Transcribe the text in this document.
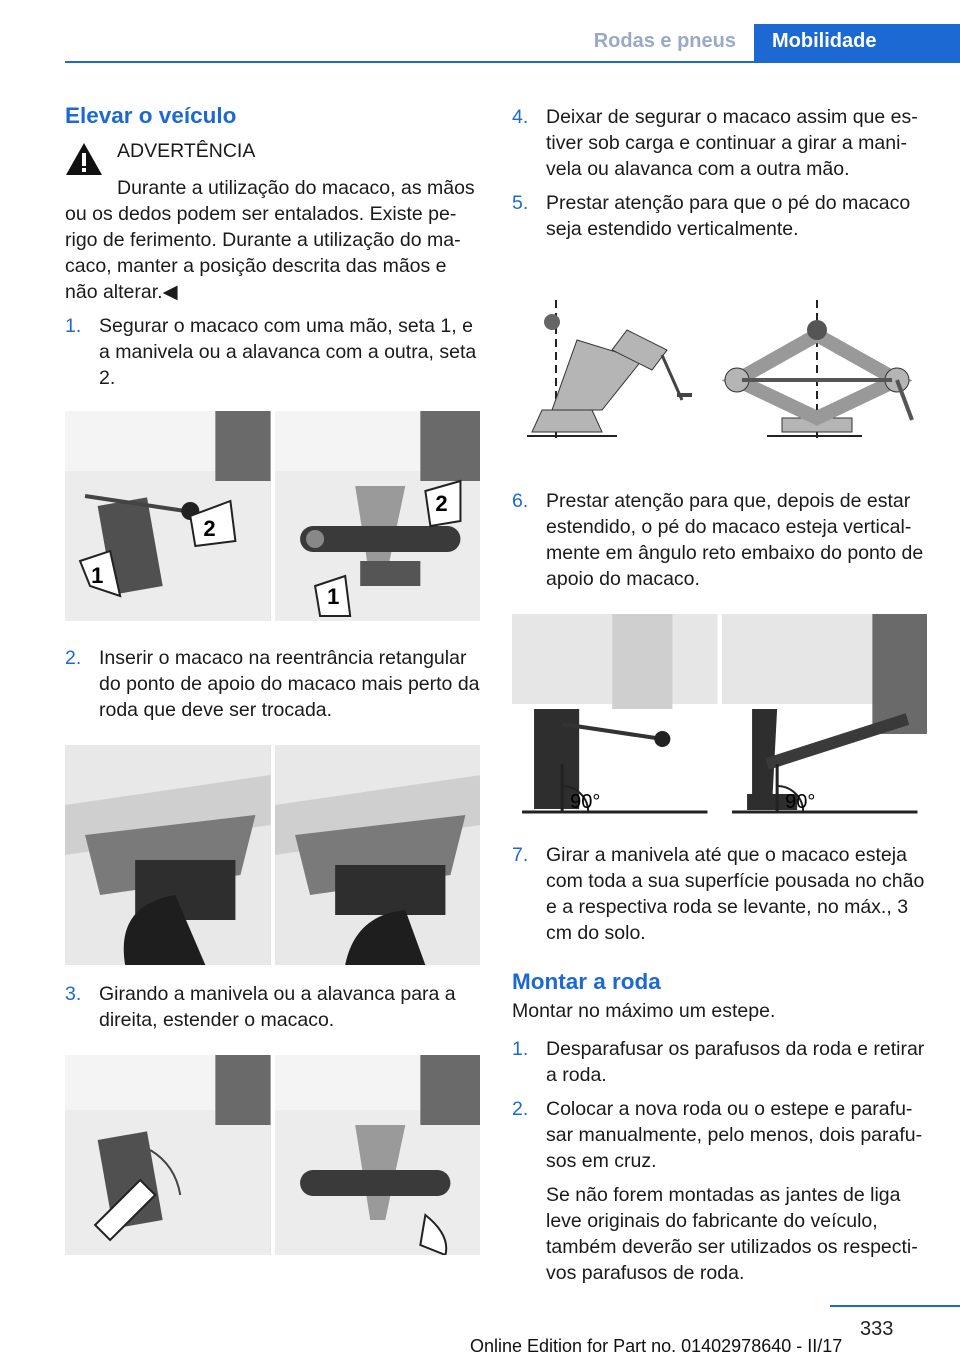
Rodas e pneus	Mobilidade
Elevar o veículo
ADVERTÊNCIA

Durante a utilização do macaco, as mãos ou os dedos podem ser entalados. Existe perigo de ferimento. Durante a utilização do macaco, manter a posição descrita das mãos e não alterar.◀

1. Segurar o macaco com uma mão, seta 1, e a manivela ou a alavanca com a outra, seta 2.
1
2
2
1
2. Inserir o macaco na reentrância retangular do ponto de apoio do macaco mais perto da roda que deve ser trocada.
3. Girando a manivela ou a alavanca para a direita, estender o macaco.
4. Deixar de segurar o macaco assim que estiver sob carga e continuar a girar a manivela ou alavanca com a outra mão.
5. Prestar atenção para que o pé do macaco seja estendido verticalmente.
6. Prestar atenção para que, depois de estar estendido, o pé do macaco esteja verticalmente em ângulo reto embaixo do ponto de apoio do macaco.
90°	90°
7. Girar a manivela até que o macaco esteja com toda a sua superfície pousada no chão e a respectiva roda se levante, no máx., 3 cm do solo.
Montar a roda

Montar no máximo um estepe.

1. Desparafusar os parafusos da roda e retirar a roda.
2. Colocar a nova roda ou o estepe e parafusar manualmente, pelo menos, dois parafusos em cruz.

Se não forem montadas as jantes de liga leve originais do fabricante do veículo, também deverão ser utilizados os respectivos parafusos de roda.

333
Online Edition for Part no. 01402978640 - II/17
